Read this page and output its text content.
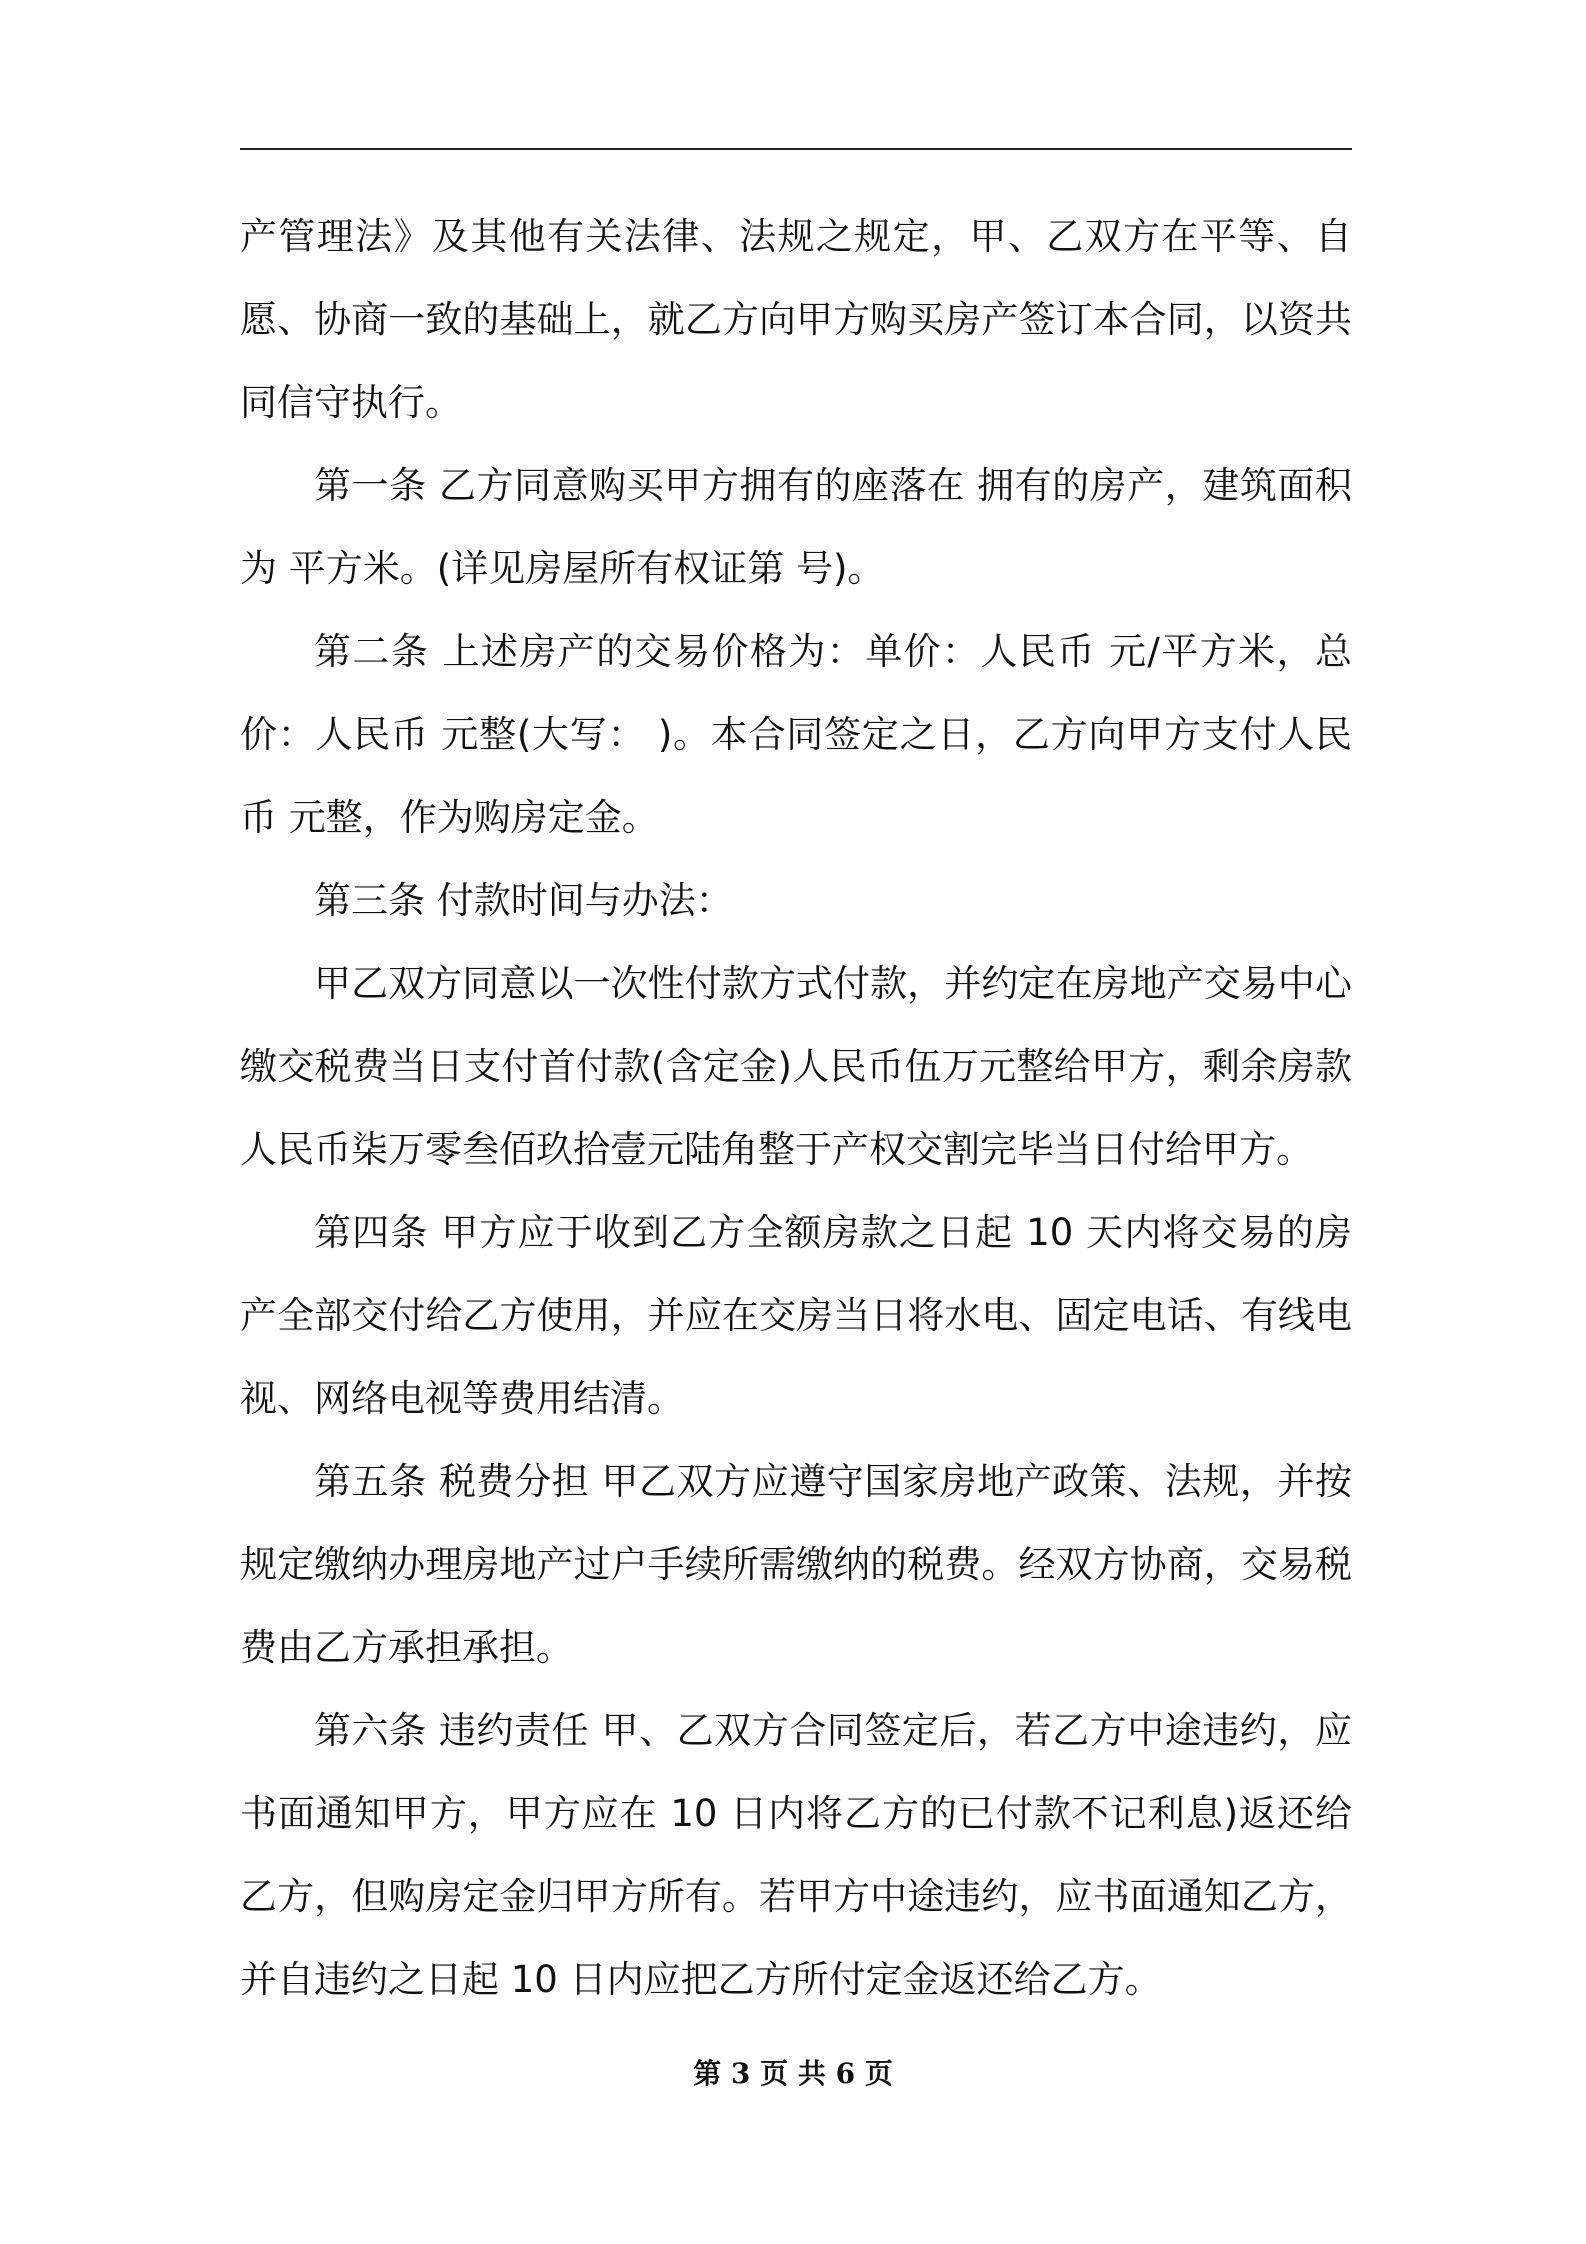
产管理法》及其他有关法律、法规之规定，甲、乙双方在平等、自愿、协商一致的基础上，就乙方向甲方购买房产签订本合同，以资共同信守执行。

第一条 乙方同意购买甲方拥有的座落在 拥有的房产，建筑面积为 平方米。(详见房屋所有权证第 号)。

第二条 上述房产的交易价格为：单价：人民币 元/平方米，总价：人民币 元整(大写： )。本合同签定之日，乙方向甲方支付人民币 元整，作为购房定金。

第三条 付款时间与办法：

甲乙双方同意以一次性付款方式付款，并约定在房地产交易中心缴交税费当日支付首付款(含定金)人民币伍万元整给甲方，剩余房款人民币柒万零叁佰玖拾壹元陆角整于产权交割完毕当日付给甲方。

第四条 甲方应于收到乙方全额房款之日起 10 天内将交易的房产全部交付给乙方使用，并应在交房当日将水电、固定电话、有线电视、网络电视等费用结清。

第五条 税费分担 甲乙双方应遵守国家房地产政策、法规，并按规定缴纳办理房地产过户手续所需缴纳的税费。经双方协商，交易税费由乙方承担承担。

第六条 违约责任 甲、乙双方合同签定后，若乙方中途违约，应书面通知甲方，甲方应在 10 日内将乙方的已付款不记利息)返还给乙方，但购房定金归甲方所有。若甲方中途违约，应书面通知乙方，并自违约之日起 10 日内应把乙方所付定金返还给乙方。

第 3 页 共 6 页
